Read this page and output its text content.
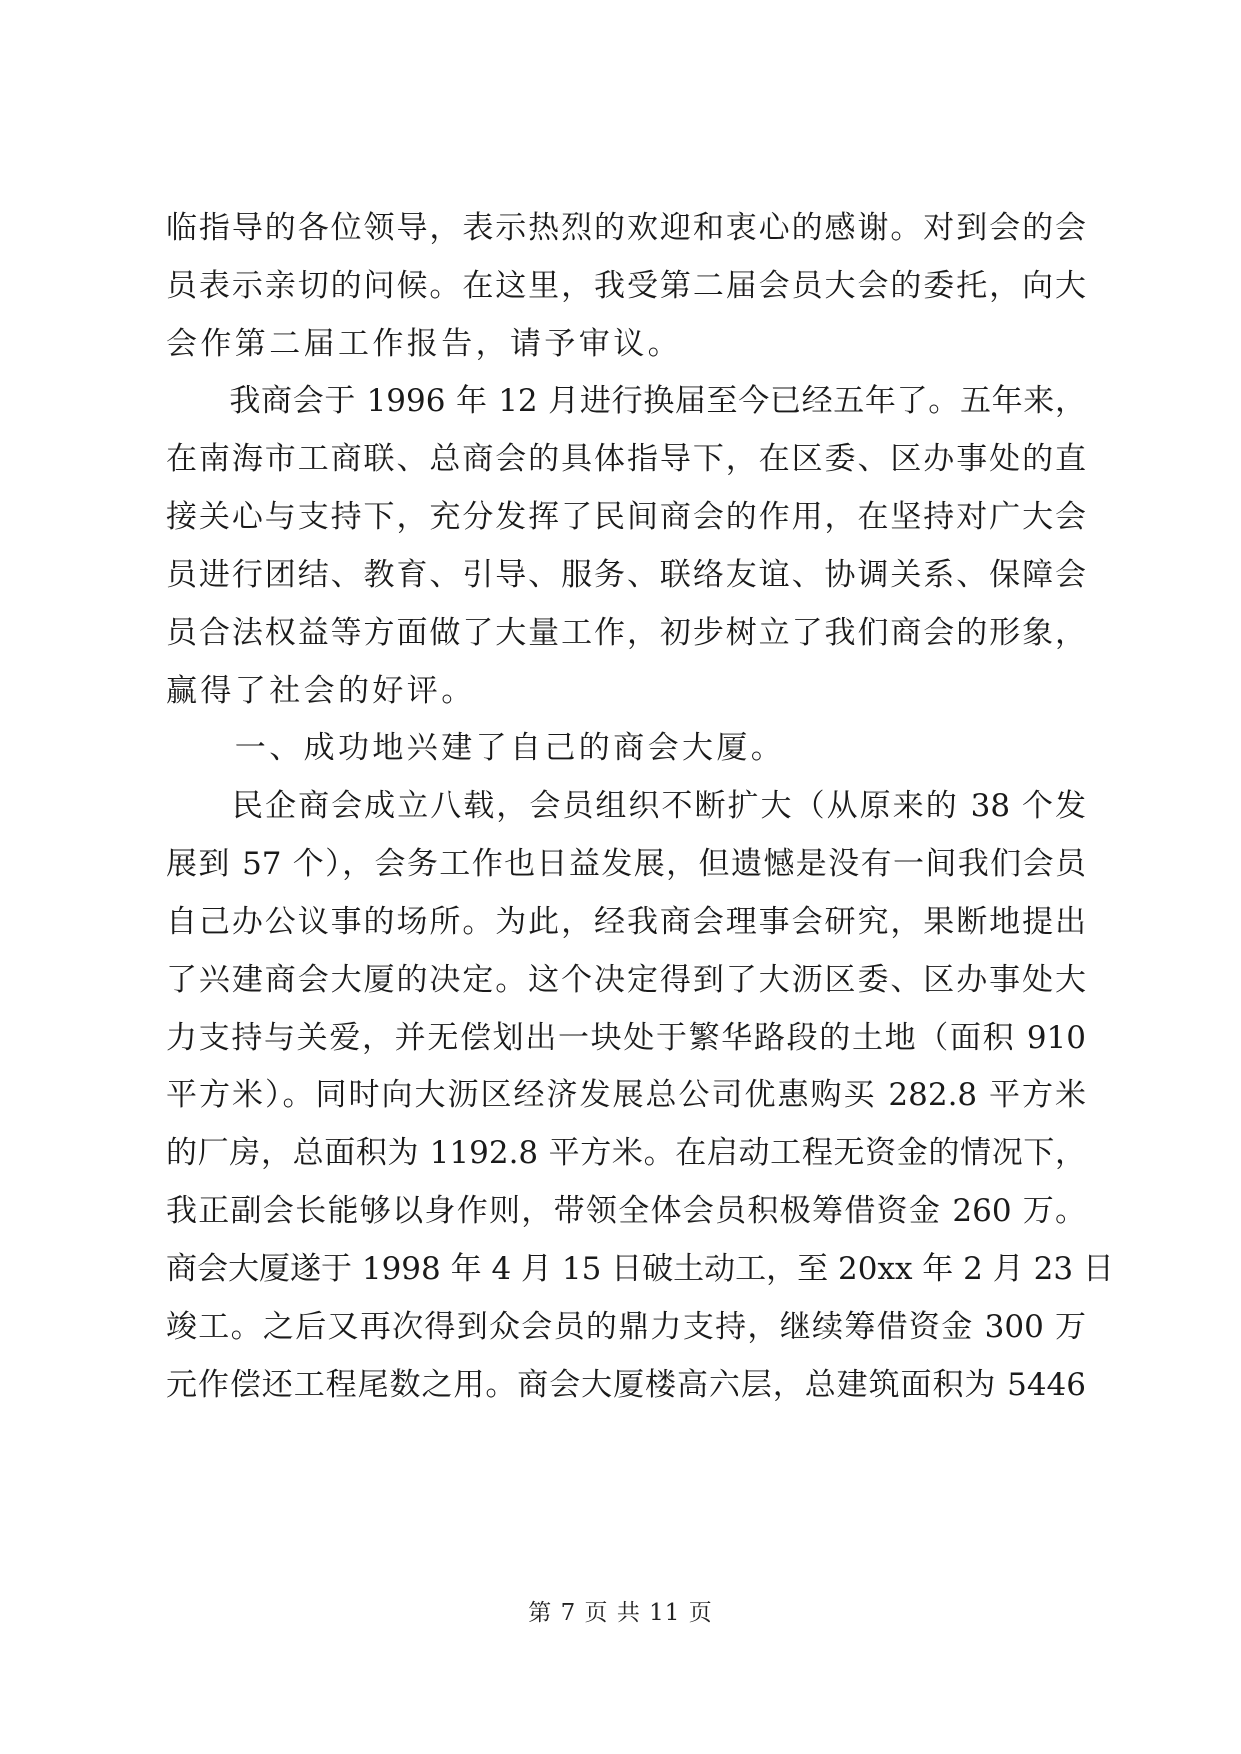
临指导的各位领导，表示热烈的欢迎和衷心的感谢。对到会的会
员表示亲切的问候。在这里，我受第二届会员大会的委托，向大
会作第二届工作报告，请予审议。
　　我商会于 1996 年 12 月进行换届至今已经五年了。五年来，
在南海市工商联、总商会的具体指导下，在区委、区办事处的直
接关心与支持下，充分发挥了民间商会的作用，在坚持对广大会
员进行团结、教育、引导、服务、联络友谊、协调关系、保障会
员合法权益等方面做了大量工作，初步树立了我们商会的形象，
赢得了社会的好评。
　　一、成功地兴建了自己的商会大厦。
　　民企商会成立八载，会员组织不断扩大（从原来的 38 个发
展到 57 个），会务工作也日益发展，但遗憾是没有一间我们会员
自己办公议事的场所。为此，经我商会理事会研究，果断地提出
了兴建商会大厦的决定。这个决定得到了大沥区委、区办事处大
力支持与关爱，并无偿划出一块处于繁华路段的土地（面积 910
平方米）。同时向大沥区经济发展总公司优惠购买 282.8 平方米
的厂房，总面积为 1192.8 平方米。在启动工程无资金的情况下，
我正副会长能够以身作则，带领全体会员积极筹借资金 260 万。
商会大厦遂于 1998 年 4 月 15 日破土动工，至 20xx 年 2 月 23 日
竣工。之后又再次得到众会员的鼎力支持，继续筹借资金 300 万
元作偿还工程尾数之用。商会大厦楼高六层，总建筑面积为 5446
第 7 页 共 11 页
